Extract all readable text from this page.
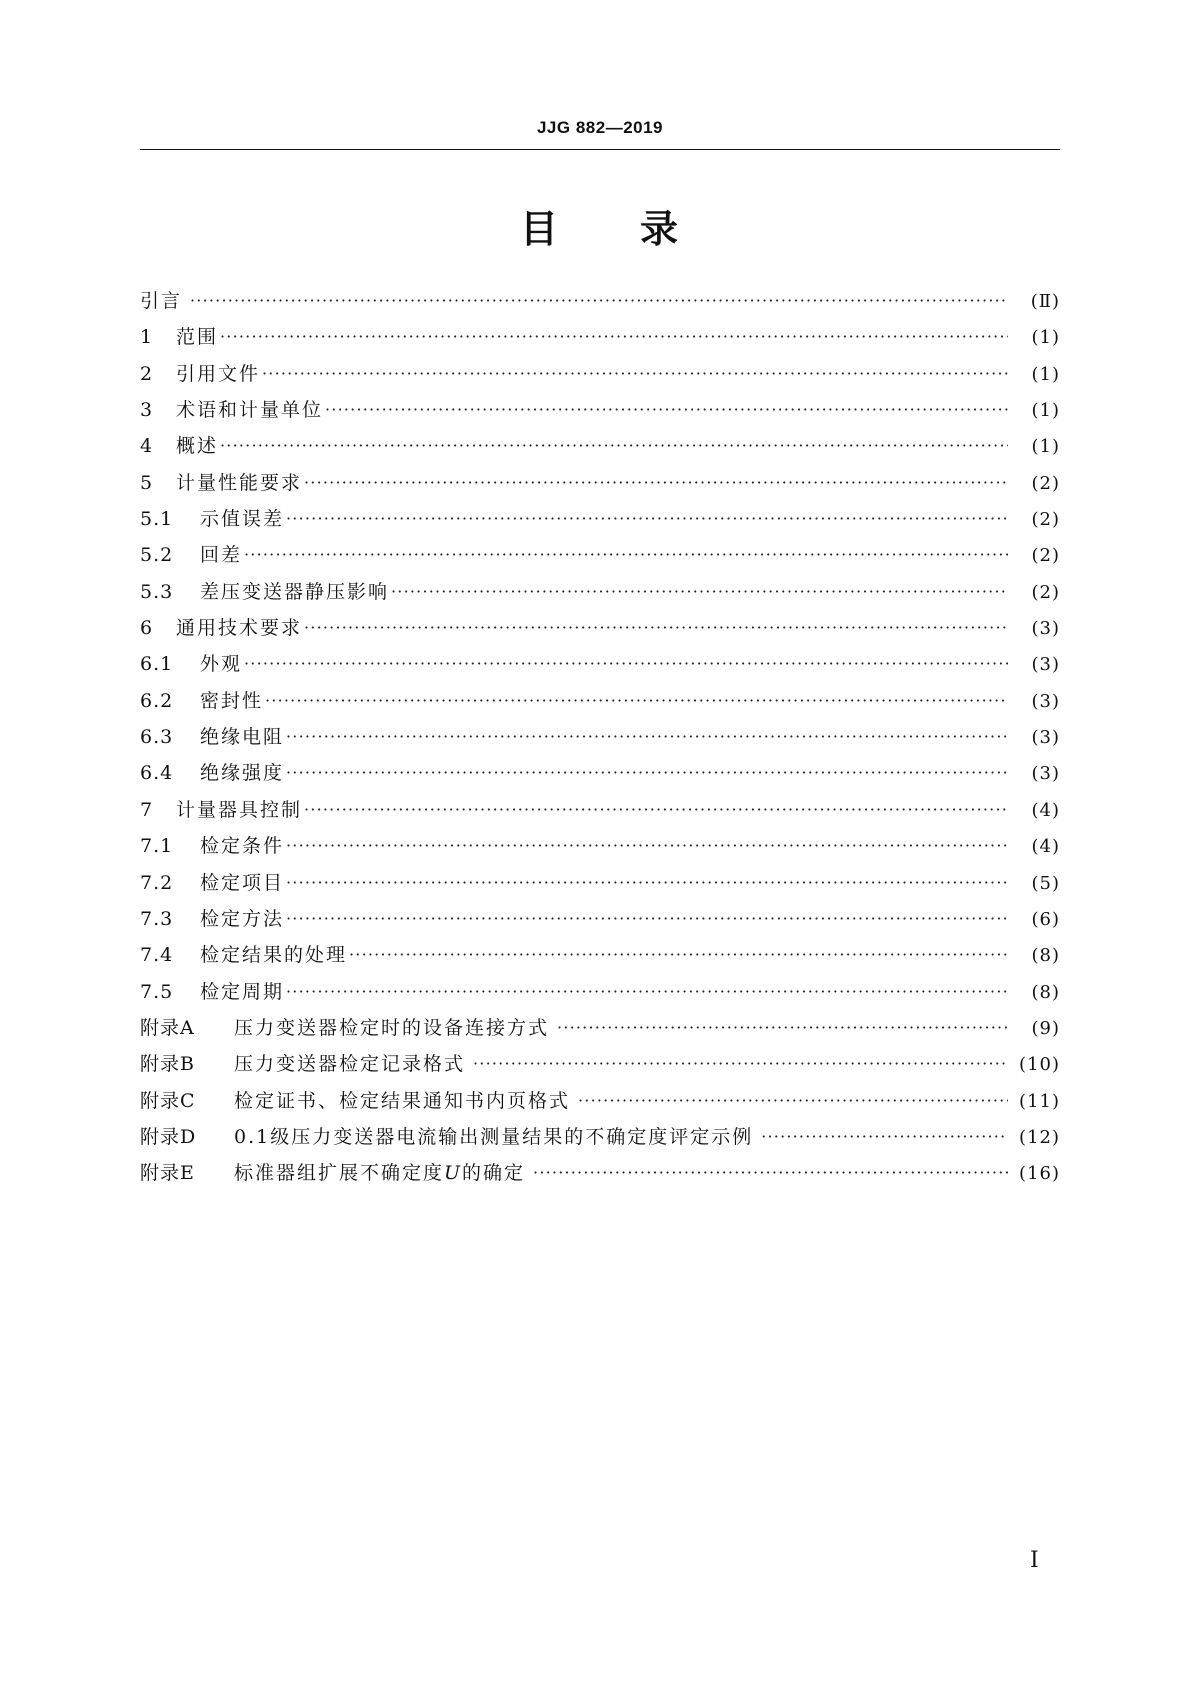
JJG 882—2019
目 录
引言 ·····	(Ⅱ)
1	范围 ·····	(1)
2	引用文件 ·····	(1)
3	术语和计量单位 ·····	(1)
4	概述 ·····	(1)
5	计量性能要求 ·····	(2)
5.1	示值误差 ·····	(2)
5.2	回差 ·····	(2)
5.3	差压变送器静压影响 ·····	(2)
6	通用技术要求 ·····	(3)
6.1	外观 ·····	(3)
6.2	密封性 ·····	(3)
6.3	绝缘电阻 ·····	(3)
6.4	绝缘强度 ·····	(3)
7	计量器具控制 ·····	(4)
7.1	检定条件 ·····	(4)
7.2	检定项目 ·····	(5)
7.3	检定方法 ·····	(6)
7.4	检定结果的处理 ·····	(8)
7.5	检定周期 ·····	(8)
附录A	压力变送器检定时的设备连接方式 ·····	(9)
附录B	压力变送器检定记录格式 ·····	(10)
附录C	检定证书、检定结果通知书内页格式 ·····	(11)
附录D	0.1级压力变送器电流输出测量结果的不确定度评定示例 ·····	(12)
附录E	标准器组扩展不确定度U的确定 ·····	(16)
Ⅰ
